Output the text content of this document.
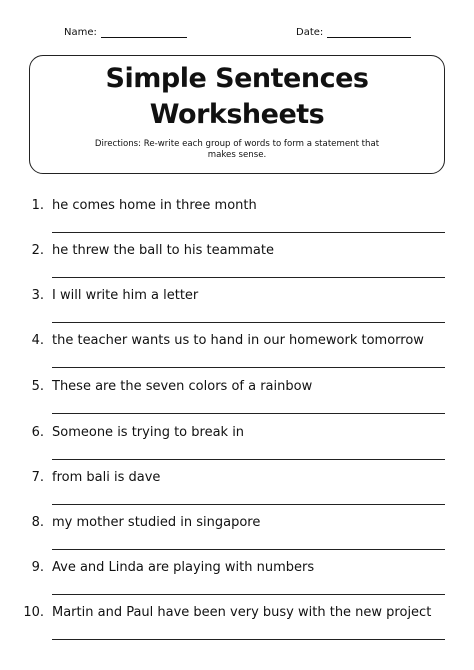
Name:	Date:
Simple Sentences
Worksheets
Directions: Re-write each group of words to form a statement that makes sense.
1. he comes home in three month
2. he threw the ball to his teammate
3. I will write him a letter
4. the teacher wants us to hand in our homework tomorrow
5. These are the seven colors of a rainbow
6. Someone is trying to break in
7. from bali is dave
8. my mother studied in singapore
9. Ave and Linda are playing with numbers
10. Martin and Paul have been very busy with the new project
